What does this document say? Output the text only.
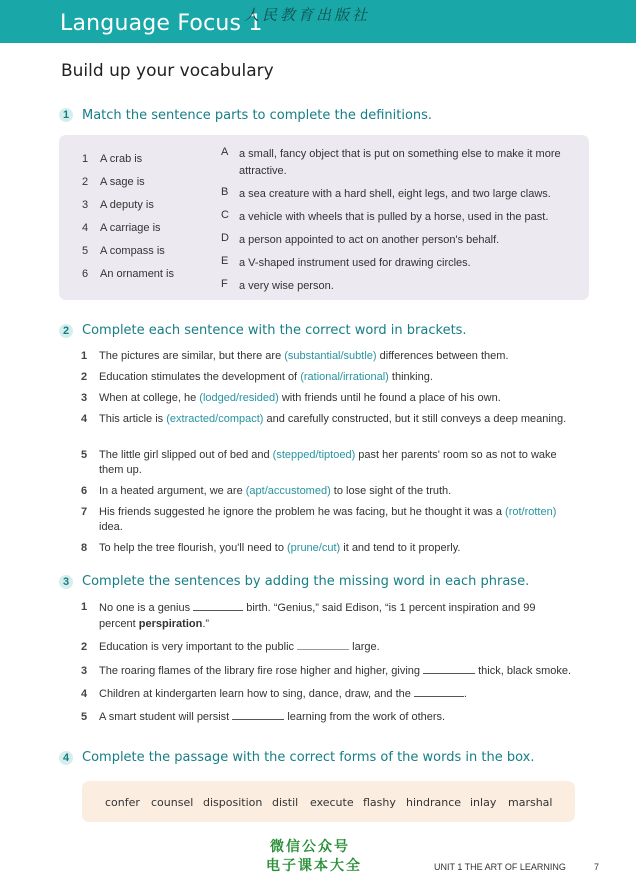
Language Focus 1
人民教育出版社
Build up your vocabulary
1 Match the sentence parts to complete the definitions.
1 A crab is
2 A sage is
3 A deputy is
4 A carriage is
5 A compass is
6 An ornament is
A a small, fancy object that is put on something else to make it more attractive.
B a sea creature with a hard shell, eight legs, and two large claws.
C a vehicle with wheels that is pulled by a horse, used in the past.
D a person appointed to act on another person's behalf.
E a V-shaped instrument used for drawing circles.
F a very wise person.
2 Complete each sentence with the correct word in brackets.
1 The pictures are similar, but there are (substantial/subtle) differences between them.
2 Education stimulates the development of (rational/irrational) thinking.
3 When at college, he (lodged/resided) with friends until he found a place of his own.
4 This article is (extracted/compact) and carefully constructed, but it still conveys a deep meaning.
5 The little girl slipped out of bed and (stepped/tiptoed) past her parents' room so as not to wake them up.
6 In a heated argument, we are (apt/accustomed) to lose sight of the truth.
7 His friends suggested he ignore the problem he was facing, but he thought it was a (rot/rotten) idea.
8 To help the tree flourish, you'll need to (prune/cut) it and tend to it properly.
3 Complete the sentences by adding the missing word in each phrase.
1 No one is a genius	birth. “Genius,” said Edison, “is 1 percent inspiration and 99 percent perspiration.”
2 Education is very important to the public	large.
3 The roaring flames of the library fire rose higher and higher, giving	thick, black smoke.
4 Children at kindergarten learn how to sing, dance, draw, and the	.
5 A smart student will persist	learning from the work of others.
4 Complete the passage with the correct forms of the words in the box.
confer counsel disposition distil execute flashy hindrance inlay marshal
微信公众号
电子课本大全	UNIT 1 THE ART OF LEARNING	7
